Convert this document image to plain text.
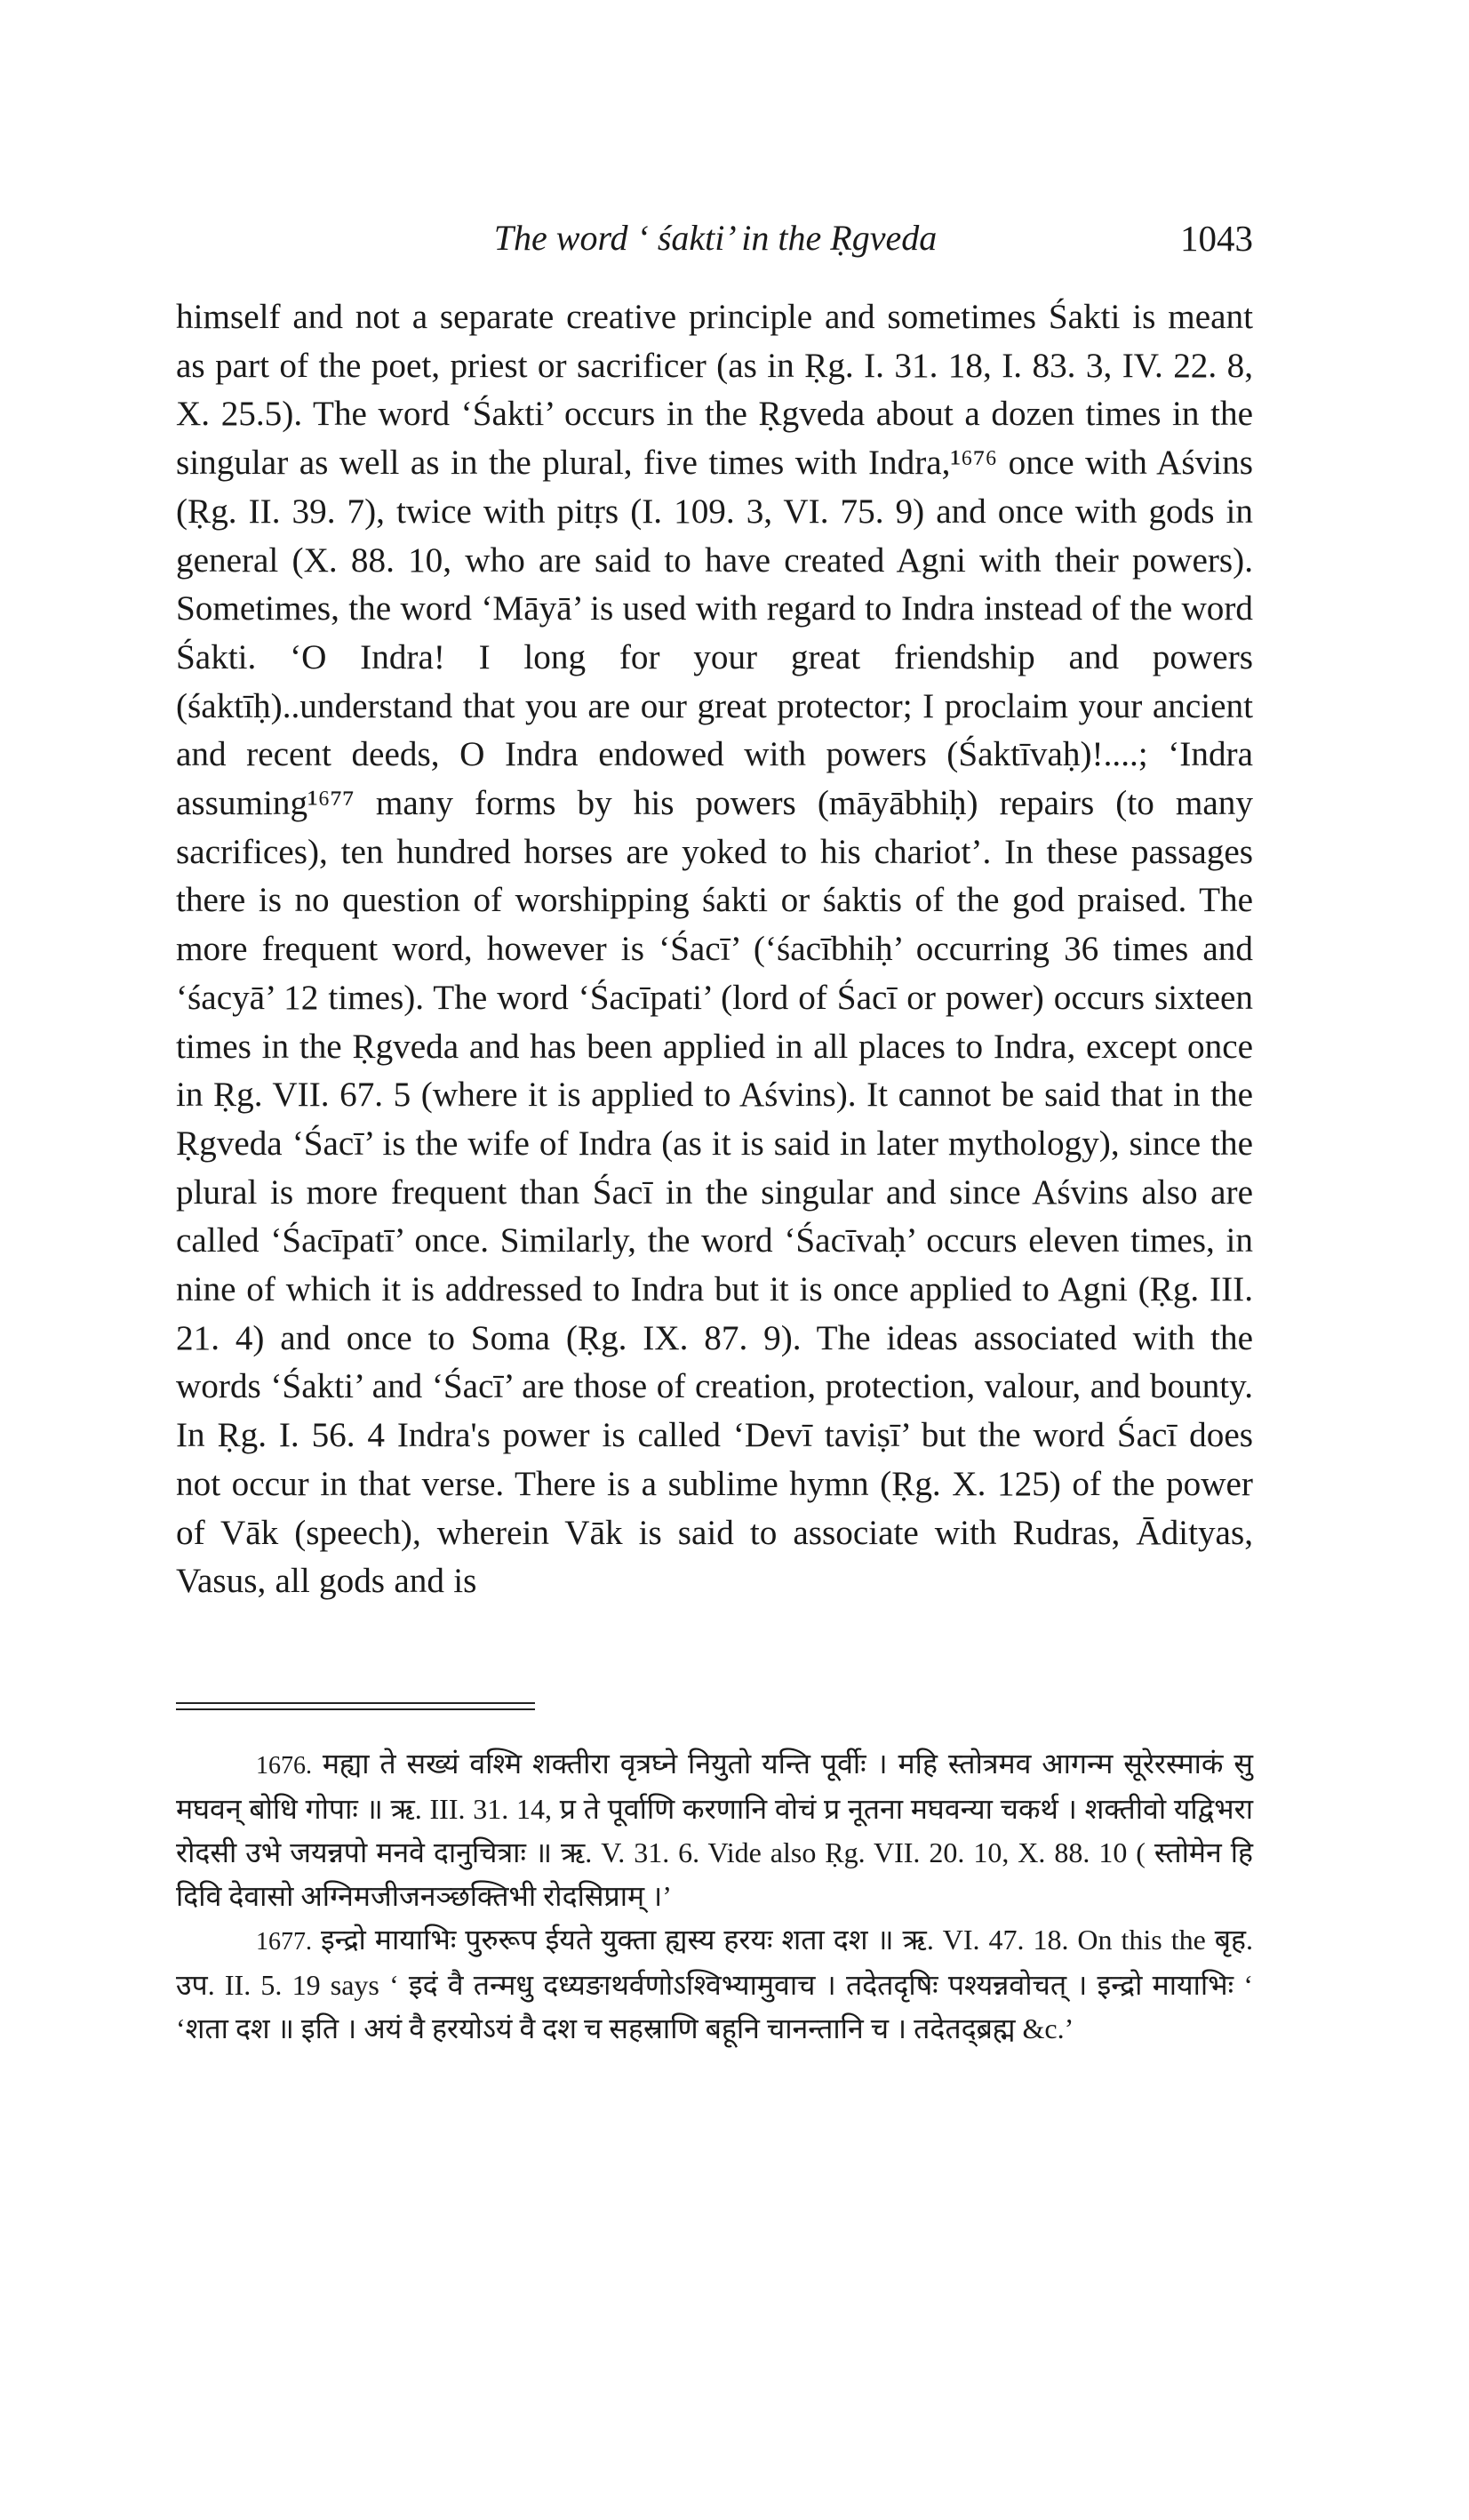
The word ‘ śakti’ in the Ṛgveda	1043
himself and not a separate creative principle and sometimes Śakti is meant as part of the poet, priest or sacrificer (as in Ṛg. I. 31. 18, I. 83. 3, IV. 22. 8, X. 25.5). The word ‘Śakti’ occurs in the Ṛgveda about a dozen times in the singular as well as in the plural, five times with Indra,¹⁶⁷⁶ once with Aśvins (Ṛg. II. 39. 7), twice with pitṛs (I. 109. 3, VI. 75. 9) and once with gods in general (X. 88. 10, who are said to have created Agni with their powers). Sometimes, the word ‘Māyā’ is used with regard to Indra instead of the word Śakti. ‘O Indra! I long for your great friendship and powers (śaktīḥ)..understand that you are our great protector; I proclaim your ancient and recent deeds, O Indra endowed with powers (Śaktīvaḥ)!....; ‘Indra assuming¹⁶⁷⁷ many forms by his powers (māyābhiḥ) repairs (to many sacrifices), ten hundred horses are yoked to his chariot’. In these passages there is no question of worshipping śakti or śaktis of the god praised. The more frequent word, however is ‘Śacī’ (‘śacībhiḥ’ occurring 36 times and ‘śacyā’ 12 times). The word ‘Śacīpati’ (lord of Śacī or power) occurs sixteen times in the Ṛgveda and has been applied in all places to Indra, except once in Ṛg. VII. 67. 5 (where it is applied to Aśvins). It cannot be said that in the Ṛgveda ‘Śacī’ is the wife of Indra (as it is said in later mythology), since the plural is more frequent than Śacī in the singular and since Aśvins also are called ‘Śacīpatī’ once. Similarly, the word ‘Śacīvaḥ’ occurs eleven times, in nine of which it is addressed to Indra but it is once applied to Agni (Ṛg. III. 21. 4) and once to Soma (Ṛg. IX. 87. 9). The ideas associated with the words ‘Śakti’ and ‘Śacī’ are those of creation, protection, valour, and bounty. In Ṛg. I. 56. 4 Indra's power is called ‘Devī taviṣī’ but the word Śacī does not occur in that verse. There is a sublime hymn (Ṛg. X. 125) of the power of Vāk (speech), wherein Vāk is said to associate with Rudras, Ādityas, Vasus, all gods and is

1676. मह्या ते सख्यं वश्मि शक्तीरा वृत्रघ्ने नियुतो यन्ति पूर्वीः । महि स्तोत्रमव आगन्म सूरेरस्माकं सु मघवन् बोधि गोपाः ॥ ऋ. III. 31. 14, प्र ते पूर्वाणि करणानि वोचं प्र नूतना मघवन्या चकर्थ । शक्तीवो यद्विभरा रोदसी उभे जयन्नपो मनवे दानुचित्राः ॥ ऋ. V. 31. 6. Vide also Ṛg. VII. 20. 10, X. 88. 10 ( स्तोमेन हि दिवि देवासो अग्निमजीजनञ्छक्तिभी रोदसिप्राम् ।’

1677. इन्द्रो मायाभिः पुरुरूप ईयते युक्ता ह्यस्य हरयः शता दश ॥ ऋ. VI. 47. 18. On this the बृह. उप. II. 5. 19 says ‘ इदं वै तन्मधु दध्यङाथर्वणोऽश्विभ्यामुवाच । तदेतदृषिः पश्यन्नवोचत् । इन्द्रो मायाभिः ‘ ‘शता दश ॥ इति । अयं वै हरयोऽयं वै दश च सहस्राणि बहूनि चानन्तानि च । तदेतद्ब्रह्म &c.’
